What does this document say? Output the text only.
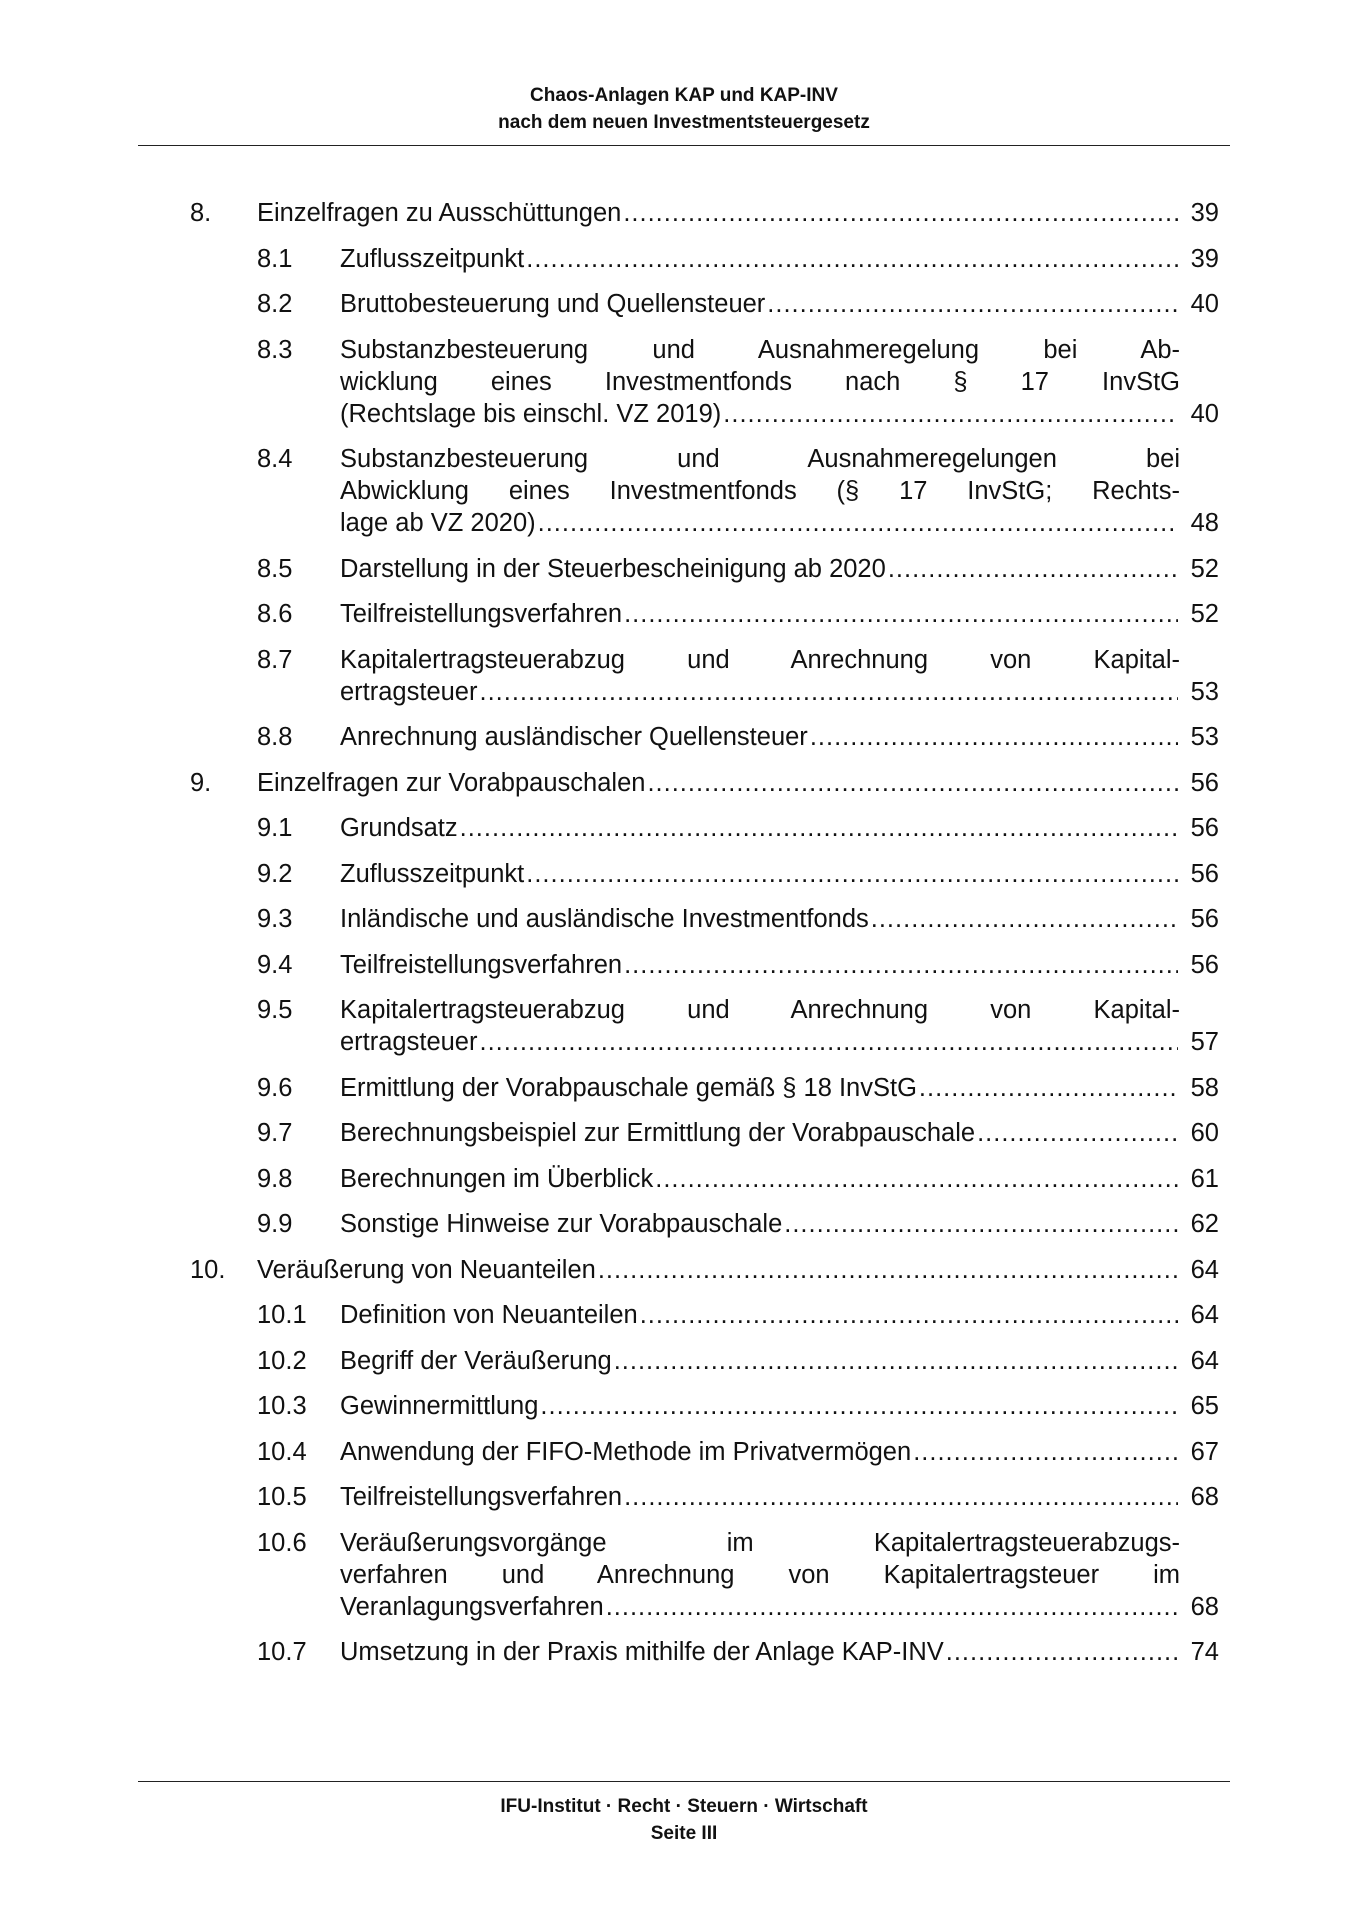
Chaos-Anlagen KAP und KAP-INV
nach dem neuen Investmentsteuergesetz
8. Einzelfragen zu Ausschüttungen .....	39
8.1 Zuflusszeitpunkt .....	39
8.2 Bruttobesteuerung und Quellensteuer .....	40
8.3 Substanzbesteuerung und Ausnahmeregelung bei Ab-
wicklung eines Investmentfonds nach § 17 InvStG
(Rechtslage bis einschl. VZ 2019) .....	40
8.4 Substanzbesteuerung und Ausnahmeregelungen bei
Abwicklung eines Investmentfonds (§ 17 InvStG; Rechts-
lage ab VZ 2020) .....	48
8.5 Darstellung in der Steuerbescheinigung ab 2020 .....	52
8.6 Teilfreistellungsverfahren .....	52
8.7 Kapitalertragsteuerabzug und Anrechnung von Kapital-
ertragsteuer .....	53
8.8 Anrechnung ausländischer Quellensteuer .....	53
9. Einzelfragen zur Vorabpauschalen .....	56
9.1 Grundsatz .....	56
9.2 Zuflusszeitpunkt .....	56
9.3 Inländische und ausländische Investmentfonds .....	56
9.4 Teilfreistellungsverfahren .....	56
9.5 Kapitalertragsteuerabzug und Anrechnung von Kapital-
ertragsteuer .....	57
9.6 Ermittlung der Vorabpauschale gemäß § 18 InvStG .....	58
9.7 Berechnungsbeispiel zur Ermittlung der Vorabpauschale .....	60
9.8 Berechnungen im Überblick .....	61
9.9 Sonstige Hinweise zur Vorabpauschale .....	62
10. Veräußerung von Neuanteilen .....	64
10.1 Definition von Neuanteilen .....	64
10.2 Begriff der Veräußerung .....	64
10.3 Gewinnermittlung .....	65
10.4 Anwendung der FIFO-Methode im Privatvermögen .....	67
10.5 Teilfreistellungsverfahren .....	68
10.6 Veräußerungsvorgänge im Kapitalertragsteuerabzugs-
verfahren und Anrechnung von Kapitalertragsteuer im
Veranlagungsverfahren .....	68
10.7 Umsetzung in der Praxis mithilfe der Anlage KAP-INV .....	74
IFU-Institut · Recht · Steuern · Wirtschaft
Seite III
